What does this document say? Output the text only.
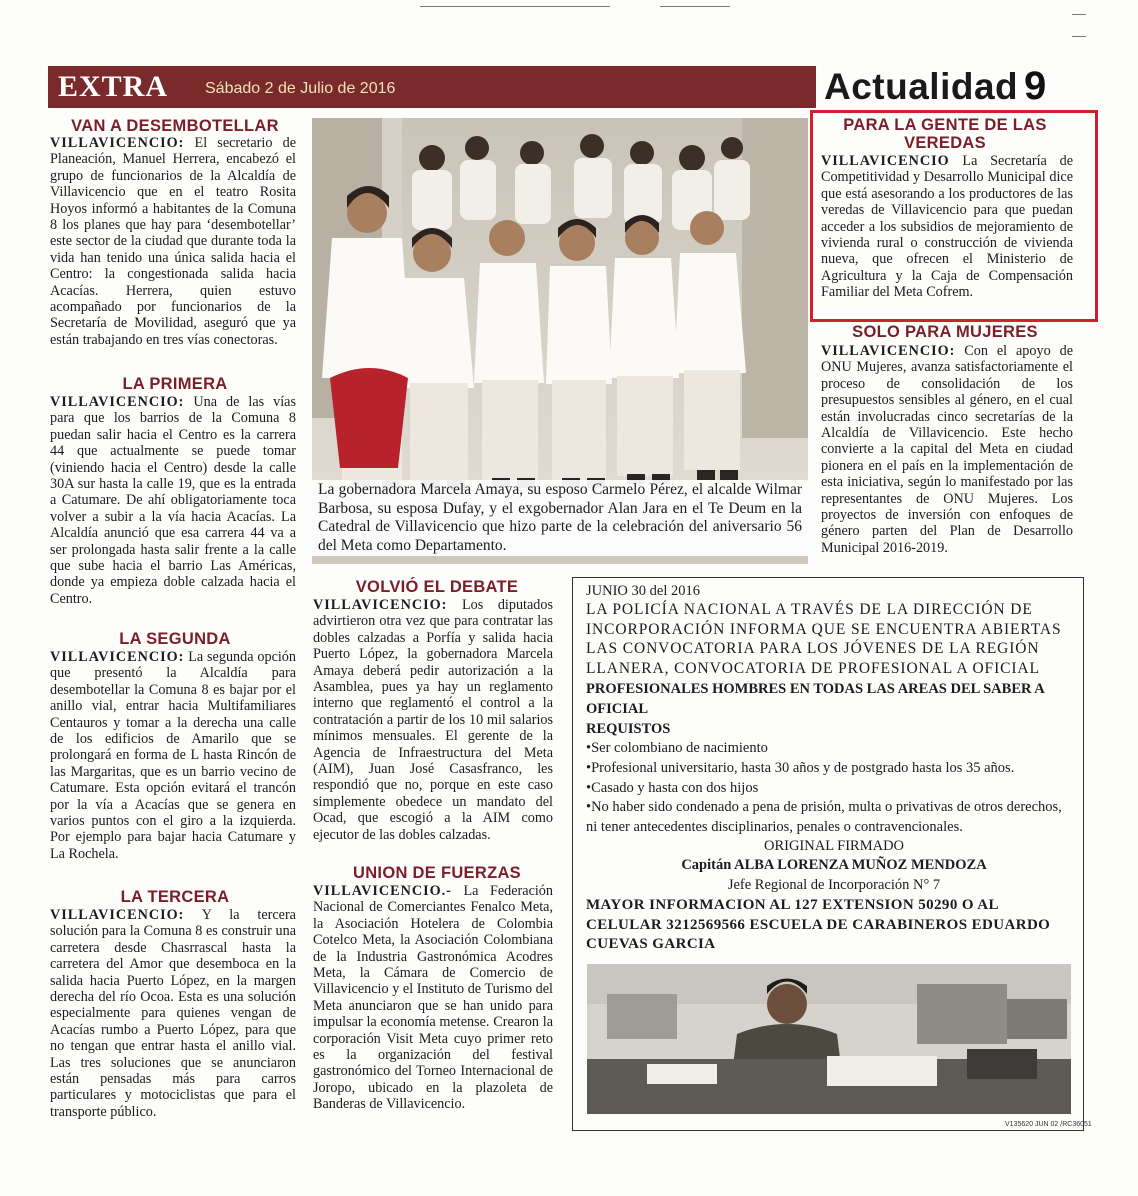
EXTRA Sábado 2 de Julio de 2016	Actualidad 9
VAN A DESEMBOTELLAR

VILLAVICENCIO: El secretario de Planeación, Manuel Herrera, encabezó el grupo de funcionarios de la Alcaldía de Villavicencio que en el teatro Rosita Hoyos informó a habitantes de la Comuna 8 los planes que hay para ‘desembotellar’ este sector de la ciudad que durante toda la vida han tenido una única salida hacia el Centro: la congestionada salida hacia Acacías. Herrera, quien estuvo acompañado por funcionarios de la Secretaría de Movilidad, aseguró que ya están trabajando en tres vías conectoras.

LA PRIMERA

VILLAVICENCIO: Una de las vías para que los barrios de la Comuna 8 puedan salir hacia el Centro es la carrera 44 que actualmente se puede tomar (viniendo hacia el Centro) desde la calle 30A sur hasta la calle 19, que es la entrada a Catumare. De ahí obligatoriamente toca volver a subir a la vía hacia Acacías. La Alcaldía anunció que esa carrera 44 va a ser prolongada hasta salir frente a la calle que sube hacia el barrio Las Américas, donde ya empieza doble calzada hacia el Centro.

LA SEGUNDA

VILLAVICENCIO: La segunda opción que presentó la Alcaldía para desembotellar la Comuna 8 es bajar por el anillo vial, entrar hacia Multifamiliares Centauros y tomar a la derecha una calle de los edificios de Amarilo que se prolongará en forma de L hasta Rincón de las Margaritas, que es un barrio vecino de Catumare. Esta opción evitará el trancón por la vía a Acacías que se genera en varios puntos con el giro a la izquierda. Por ejemplo para bajar hacia Catumare y La Rochela.

LA TERCERA

VILLAVICENCIO: Y la tercera solución para la Comuna 8 es construir una carretera desde Chasrrascal hasta la carretera del Amor que desemboca en la salida hacia Puerto López, en la margen derecha del río Ocoa. Esta es una solución especialmente para quienes vengan de Acacías rumbo a Puerto López, para que no tengan que entrar hasta el anillo vial. Las tres soluciones que se anunciaron están pensadas más para carros particulares y motociclistas que para el transporte público.

La gobernadora Marcela Amaya, su esposo Carmelo Pérez, el alcalde Wilmar Barbosa, su esposa Dufay, y el exgobernador Alan Jara en el Te Deum en la Catedral de Villavicencio que hizo parte de la celebración del aniversario 56 del Meta como Departamento.
VOLVIÓ EL DEBATE

VILLAVICENCIO: Los diputados advirtieron otra vez que para contratar las dobles calzadas a Porfía y salida hacia Puerto López, la gobernadora Marcela Amaya deberá pedir autorización a la Asamblea, pues ya hay un reglamento interno que reglamentó el control a la contratación a partir de los 10 mil salarios mínimos mensuales. El gerente de la Agencia de Infraestructura del Meta (AIM), Juan José Casasfranco, les respondió que no, porque en este caso simplemente obedece un mandato del Ocad, que escogió a la AIM como ejecutor de las dobles calzadas.

UNION DE FUERZAS

VILLAVICENCIO.- La Federación Nacional de Comerciantes Fenalco Meta, la Asociación Hotelera de Colombia Cotelco Meta, la Asociación Colombiana de la Industria Gastronómica Acodres Meta, la Cámara de Comercio de Villavicencio y el Instituto de Turismo del Meta anunciaron que se han unido para impulsar la economía metense. Crearon la corporación Visit Meta cuyo primer reto es la organización del festival gastronómico del Torneo Internacional de Joropo, ubicado en la plazoleta de Banderas de Villavicencio.

PARA LA GENTE DE LAS VEREDAS

VILLAVICENCIO La Secretaría de Competitividad y Desarrollo Municipal dice que está asesorando a los productores de las veredas de Villavicencio para que puedan acceder a los subsidios de mejoramiento de vivienda rural o construcción de vivienda nueva, que ofrecen el Ministerio de Agricultura y la Caja de Compensación Familiar del Meta Cofrem.

SOLO PARA MUJERES

VILLAVICENCIO: Con el apoyo de ONU Mujeres, avanza satisfactoriamente el proceso de consolidación de los presupuestos sensibles al género, en el cual están involucradas cinco secretarías de la Alcaldía de Villavicencio. Este hecho convierte a la capital del Meta en ciudad pionera en el país en la implementación de esta iniciativa, según lo manifestado por las representantes de ONU Mujeres. Los proyectos de inversión con enfoques de género parten del Plan de Desarrollo Municipal 2016-2019.

JUNIO 30 del 2016
LA POLICÍA NACIONAL A TRAVÉS DE LA DIRECCIÓN DE INCORPORACIÓN INFORMA QUE SE ENCUENTRA ABIERTAS LAS CONVOCATORIA PARA LOS JÓVENES DE LA REGIÓN LLANERA, CONVOCATORIA DE PROFESIONAL A OFICIAL
PROFESIONALES HOMBRES EN TODAS LAS AREAS DEL SABER A OFICIAL
REQUISTOS
•Ser colombiano de nacimiento
•Profesional universitario, hasta 30 años y de postgrado hasta los 35 años.
•Casado y hasta con dos hijos
•No haber sido condenado a pena de prisión, multa o privativas de otros derechos, ni tener antecedentes disciplinarios, penales o contravencionales.
ORIGINAL FIRMADO
Capitán ALBA LORENZA MUÑOZ MENDOZA
Jefe Regional de Incorporación N° 7
MAYOR INFORMACION AL 127 EXTENSION 50290 O AL CELULAR 3212569566 ESCUELA DE CARABINEROS EDUARDO CUEVAS GARCIA
V135620 JUN 02 /RC36051
